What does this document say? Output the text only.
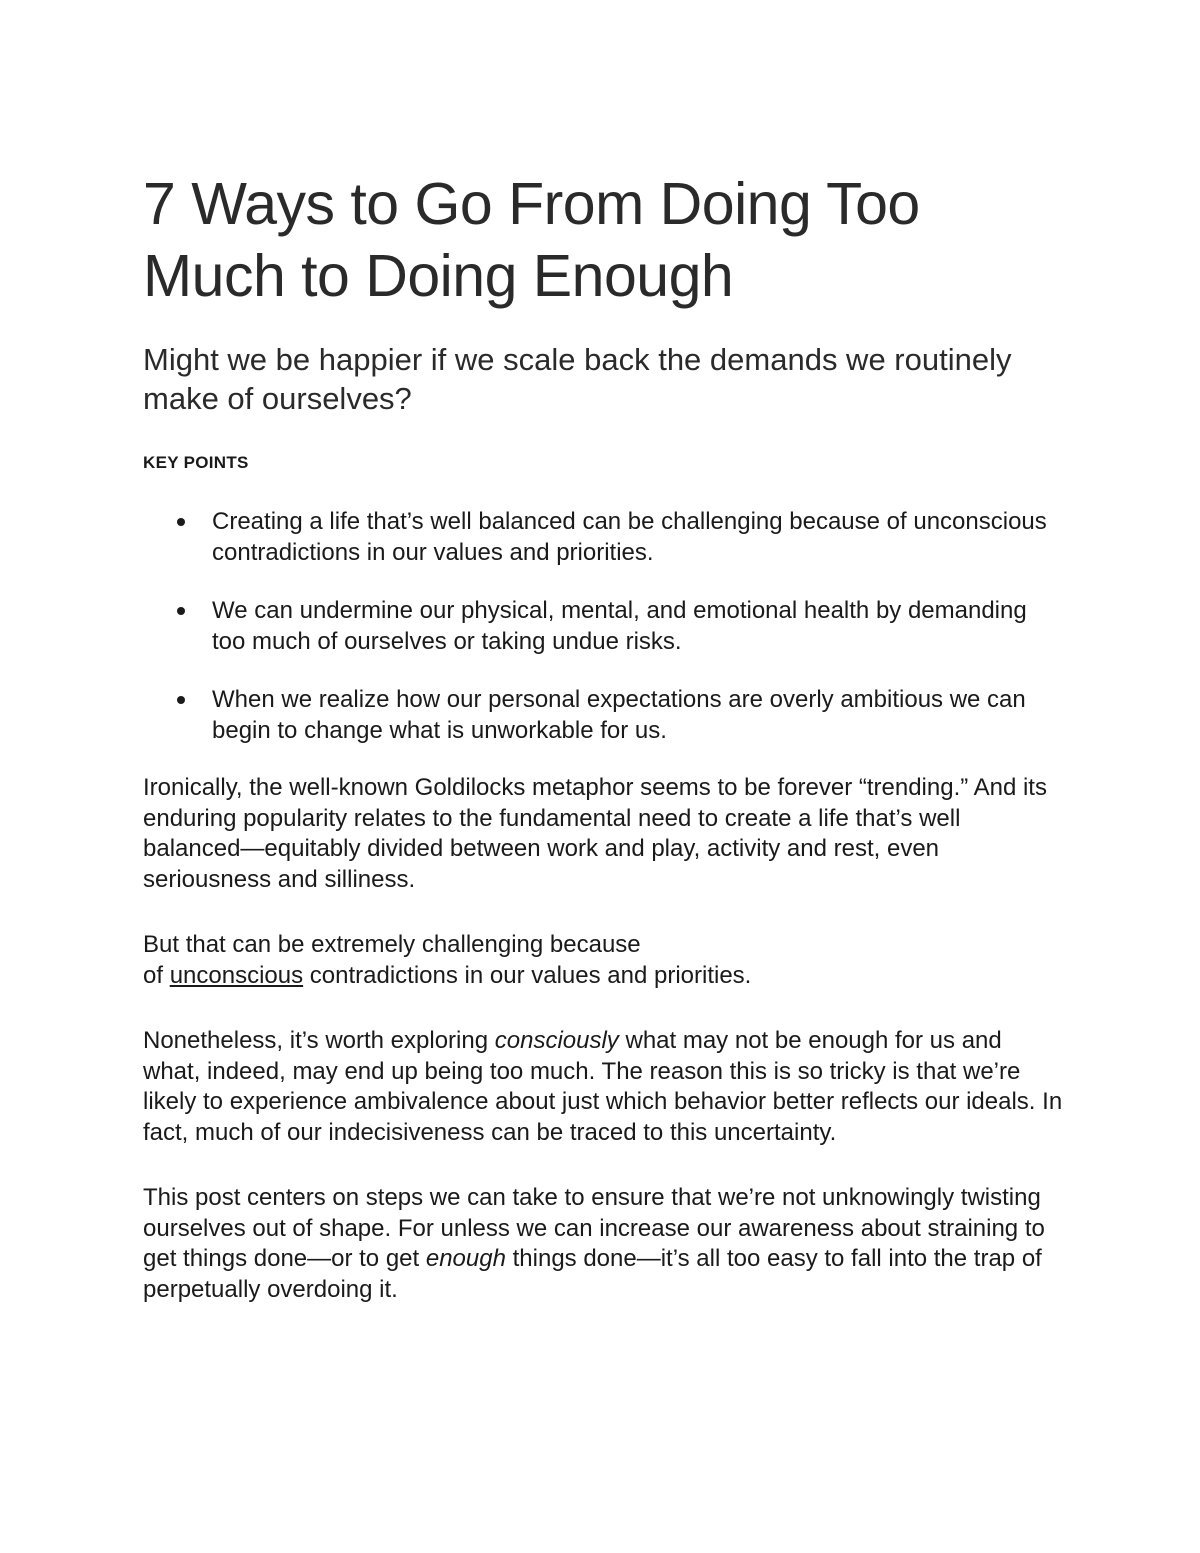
7 Ways to Go From Doing Too
Much to Doing Enough

Might we be happier if we scale back the demands we routinely make of ourselves?

KEY POINTS
Creating a life that’s well balanced can be challenging because of unconscious contradictions in our values and priorities.
We can undermine our physical, mental, and emotional health by demanding too much of ourselves or taking undue risks.
When we realize how our personal expectations are overly ambitious we can begin to change what is unworkable for us.

Ironically, the well-known Goldilocks metaphor seems to be forever “trending.” And its enduring popularity relates to the fundamental need to create a life that’s well balanced—equitably divided between work and play, activity and rest, even seriousness and silliness.

But that can be extremely challenging because
of unconscious contradictions in our values and priorities.

Nonetheless, it’s worth exploring consciously what may not be enough for us and what, indeed, may end up being too much. The reason this is so tricky is that we’re likely to experience ambivalence about just which behavior better reflects our ideals. In fact, much of our indecisiveness can be traced to this uncertainty.

This post centers on steps we can take to ensure that we’re not unknowingly twisting ourselves out of shape. For unless we can increase our awareness about straining to get things done—or to get enough things done—it’s all too easy to fall into the trap of perpetually overdoing it.
